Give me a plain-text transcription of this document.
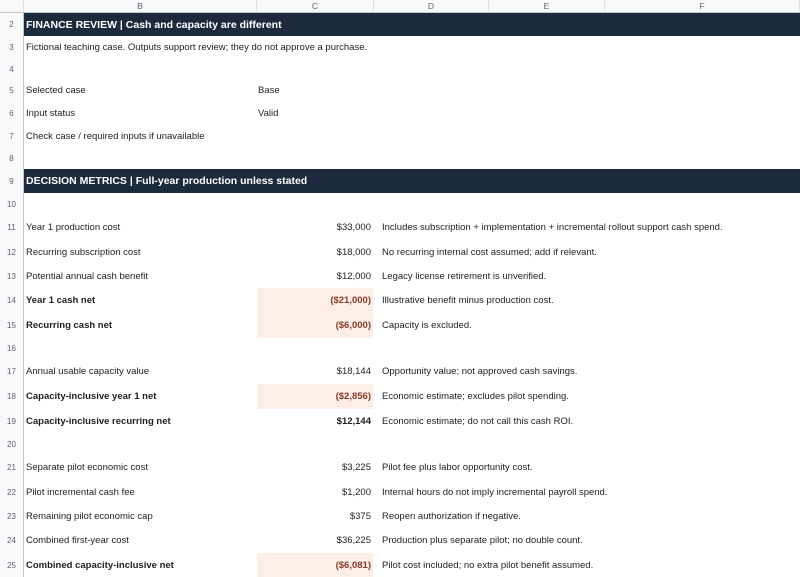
B	C	D	E	F
2	FINANCE REVIEW | Cash and capacity are different
3	Fictional teaching case. Outputs support review; they do not approve a purchase.
4
5	Selected case	Base
6	Input status	Valid
7	Check case / required inputs if unavailable
8
9	DECISION METRICS | Full-year production unless stated
10
11	Year 1 production cost	$33,000 Includes subscription + implementation + incremental rollout support cash spend.
12	Recurring subscription cost	$18,000 No recurring internal cost assumed; add if relevant.
13	Potential annual cash benefit	$12,000 Legacy license retirement is unverified.
14	Year 1 cash net	($21,000) Illustrative benefit minus production cost.
15	Recurring cash net	($6,000) Capacity is excluded.
16
17	Annual usable capacity value	$18,144 Opportunity value; not approved cash savings.
18	Capacity-inclusive year 1 net	($2,856) Economic estimate; excludes pilot spending.
19	Capacity-inclusive recurring net	$12,144 Economic estimate; do not call this cash ROI.
20
21	Separate pilot economic cost	$3,225 Pilot fee plus labor opportunity cost.
22	Pilot incremental cash fee	$1,200 Internal hours do not imply incremental payroll spend.
23	Remaining pilot economic cap	$375 Reopen authorization if negative.
24	Combined first-year cost	$36,225 Production plus separate pilot; no double count.
25	Combined capacity-inclusive net	($6,081) Pilot cost included; no extra pilot benefit assumed.
